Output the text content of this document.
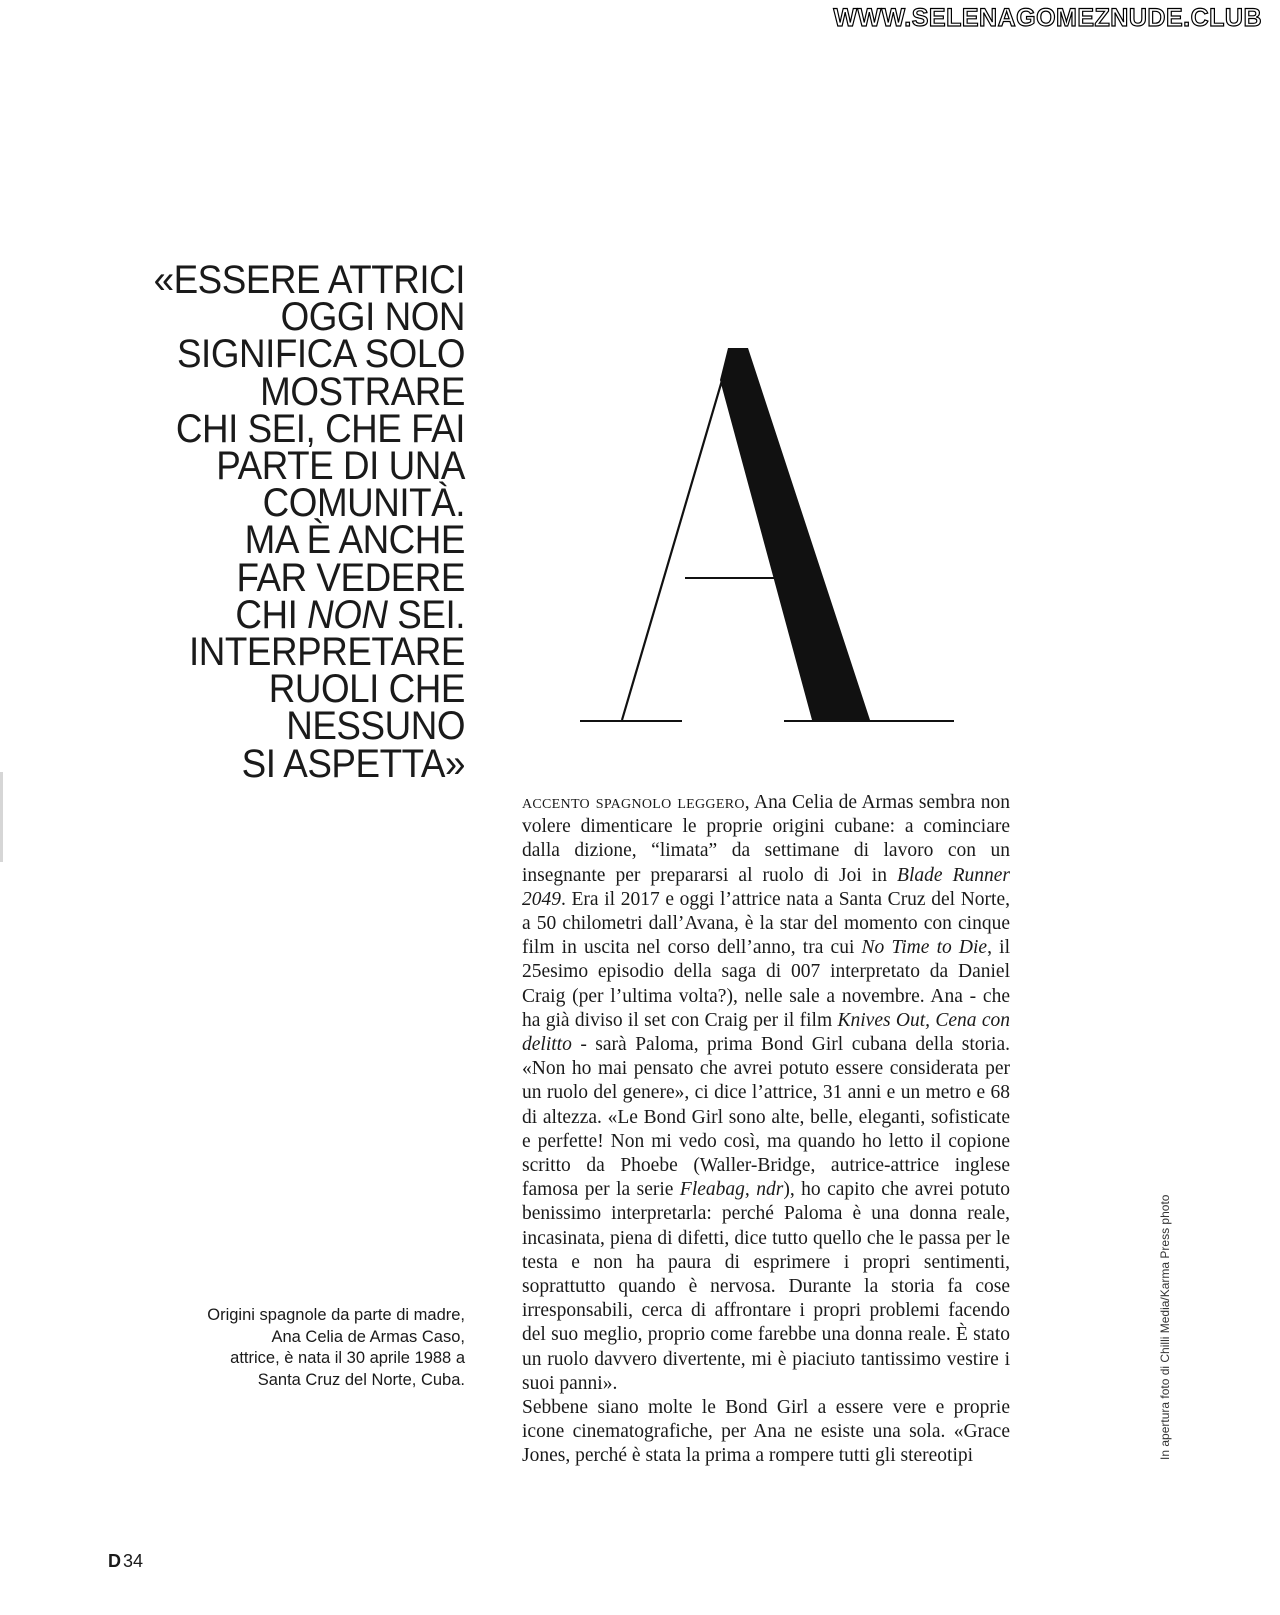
WWW.SELENAGOMEZNUDE.CLUB
«ESSERE ATTRICI
OGGI NON
SIGNIFICA SOLO
MOSTRARE
CHI SEI, CHE FAI
PARTE DI UNA
COMUNITÀ.
MA È ANCHE
FAR VEDERE
CHI NON SEI.
INTERPRETARE
RUOLI CHE
NESSUNO
SI ASPETTA»
A

accento spagnolo leggero, Ana Celia de Armas sembra non volere dimenticare le proprie origini cubane: a cominciare dalla dizione, “limata” da settimane di lavoro con un insegnante per prepararsi al ruolo di Joi in Blade Runner 2049. Era il 2017 e oggi l’attrice nata a Santa Cruz del Norte, a 50 chilometri dall’Avana, è la star del momento con cinque film in uscita nel corso dell’anno, tra cui No Time to Die, il 25esimo episodio della saga di 007 interpretato da Daniel Craig (per l’ultima volta?), nelle sale a novembre. Ana - che ha già diviso il set con Craig per il film Knives Out, Cena con delitto - sarà Paloma, prima Bond Girl cubana della storia. «Non ho mai pensato che avrei potuto essere considerata per un ruolo del genere», ci dice l’attrice, 31 anni e un metro e 68 di altezza. «Le Bond Girl sono alte, belle, eleganti, sofisticate e perfette! Non mi vedo così, ma quando ho letto il copione scritto da Phoebe (Waller-Bridge, autrice-attrice inglese famosa per la serie Fleabag, ndr), ho capito che avrei potuto benissimo interpretarla: perché Paloma è una donna reale, incasinata, piena di difetti, dice tutto quello che le passa per le testa e non ha paura di esprimere i propri sentimenti, soprattutto quando è nervosa. Durante la storia fa cose irresponsabili, cerca di affrontare i propri problemi facendo del suo meglio, proprio come farebbe una donna reale. È stato un ruolo davvero divertente, mi è piaciuto tantissimo vestire i suoi panni».

Sebbene siano molte le Bond Girl a essere vere e proprie icone cinematografiche, per Ana ne esiste una sola. «Grace Jones, perché è stata la prima a rompere tutti gli stereotipi

Origini spagnole da parte di madre,
Ana Celia de Armas Caso,
attrice, è nata il 30 aprile 1988 a
Santa Cruz del Norte, Cuba.	In apertura foto di Chilli Media/Karma Press photo
D 34
